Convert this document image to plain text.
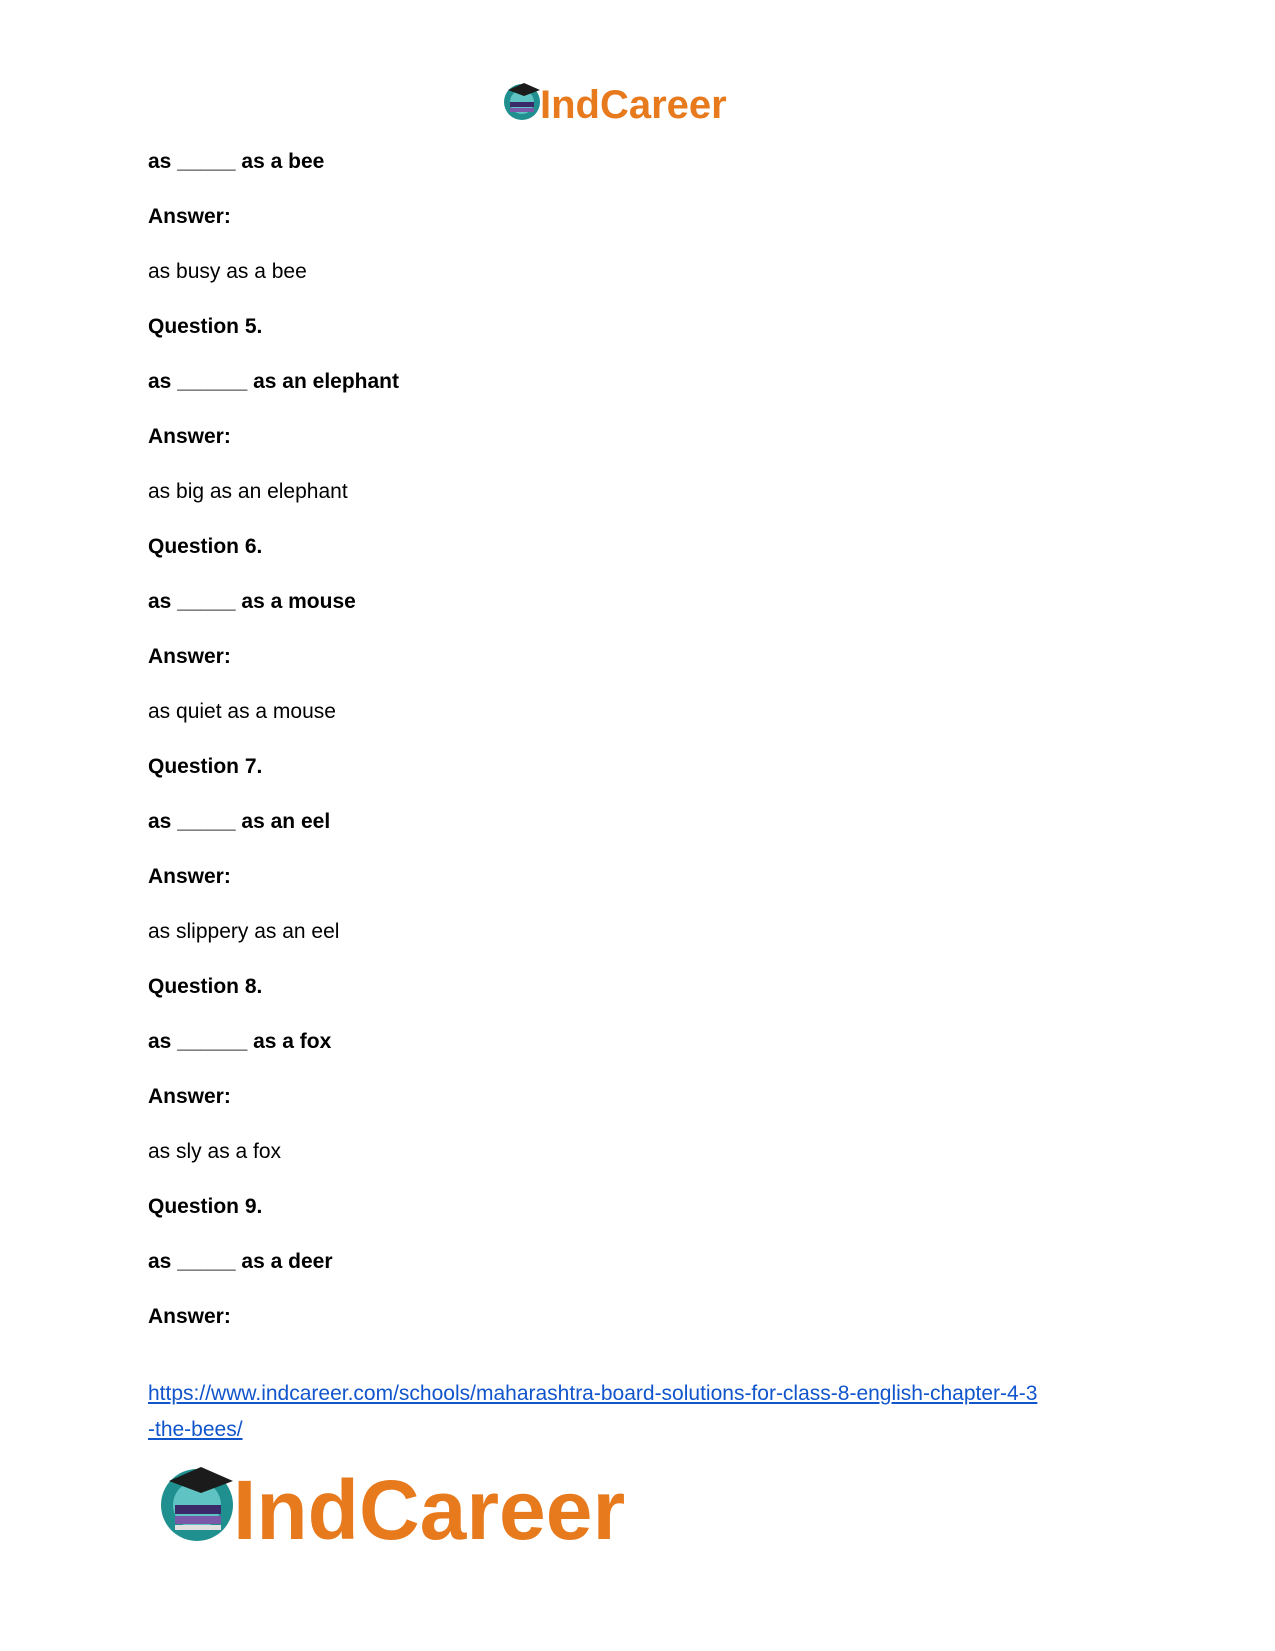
IndCareer
as _____ as a bee
Answer:
as busy as a bee
Question 5.
as ______ as an elephant
Answer:
as big as an elephant
Question 6.
as _____ as a mouse
Answer:
as quiet as a mouse
Question 7.
as _____ as an eel
Answer:
as slippery as an eel
Question 8.
as ______ as a fox
Answer:
as sly as a fox
Question 9.
as _____ as a deer
Answer:
https://www.indcareer.com/schools/maharashtra-board-solutions-for-class-8-english-chapter-4-3
-the-bees/
IndCareer
